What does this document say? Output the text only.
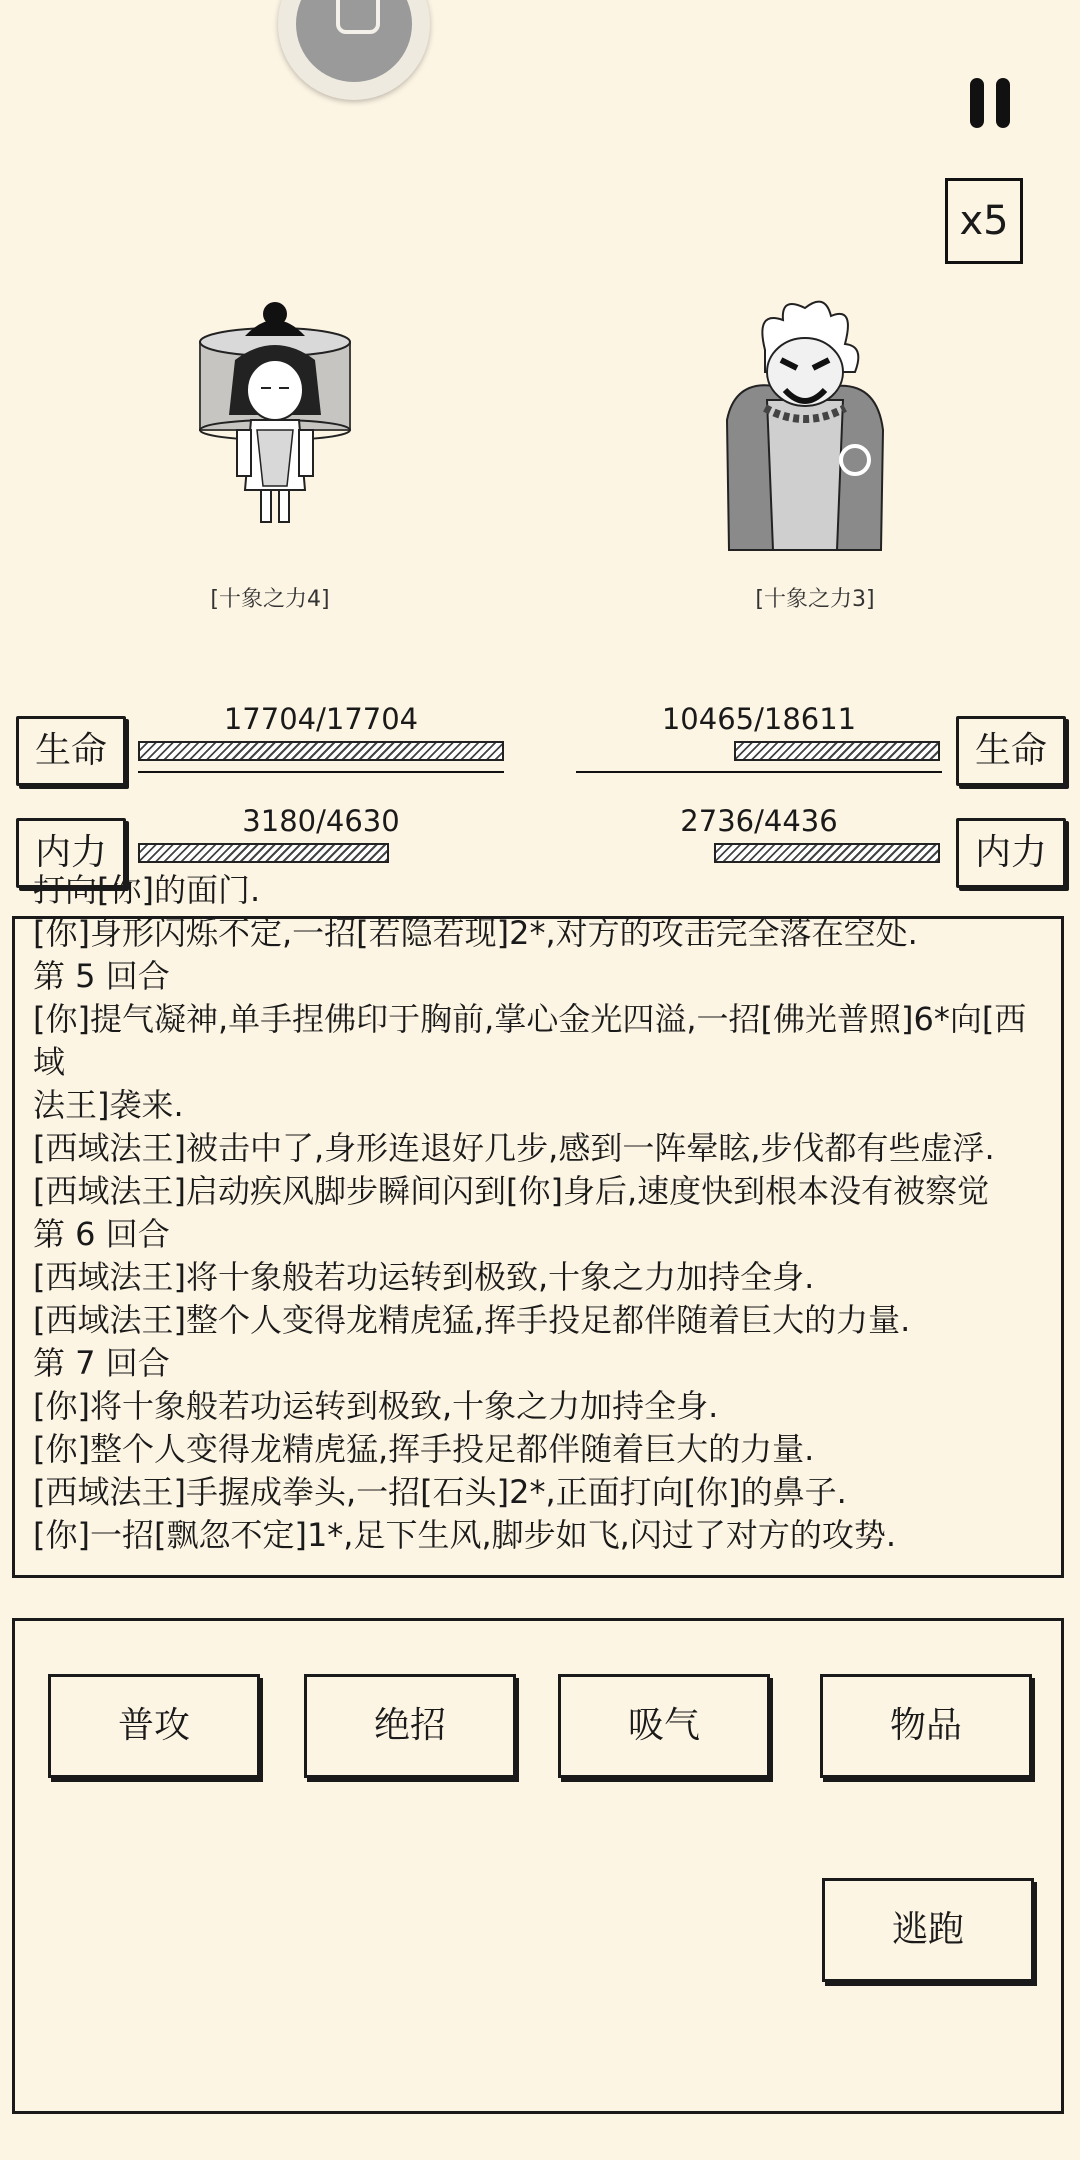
x5
[十象之力4]	[十象之力3]
生命
17704/17704
内力
3180/4630
生命
10465/18611
内力
2736/4436
打向[你]的面门.
[你]身形闪烁不定,一招[若隐若现]2*,对方的攻击完全落在空处.
第 5 回合
[你]提气凝神,单手捏佛印于胸前,掌心金光四溢,一招[佛光普照]6*向[西域
法王]袭来.
[西域法王]被击中了,身形连退好几步,感到一阵晕眩,步伐都有些虚浮.
[西域法王]启动疾风脚步瞬间闪到[你]身后,速度快到根本没有被察觉
第 6 回合
[西域法王]将十象般若功运转到极致,十象之力加持全身.
[西域法王]整个人变得龙精虎猛,挥手投足都伴随着巨大的力量.
第 7 回合
[你]将十象般若功运转到极致,十象之力加持全身.
[你]整个人变得龙精虎猛,挥手投足都伴随着巨大的力量.
[西域法王]手握成拳头,一招[石头]2*,正面打向[你]的鼻子.
[你]一招[飘忽不定]1*,足下生风,脚步如飞,闪过了对方的攻势.
普攻	绝招	吸气	物品
逃跑
